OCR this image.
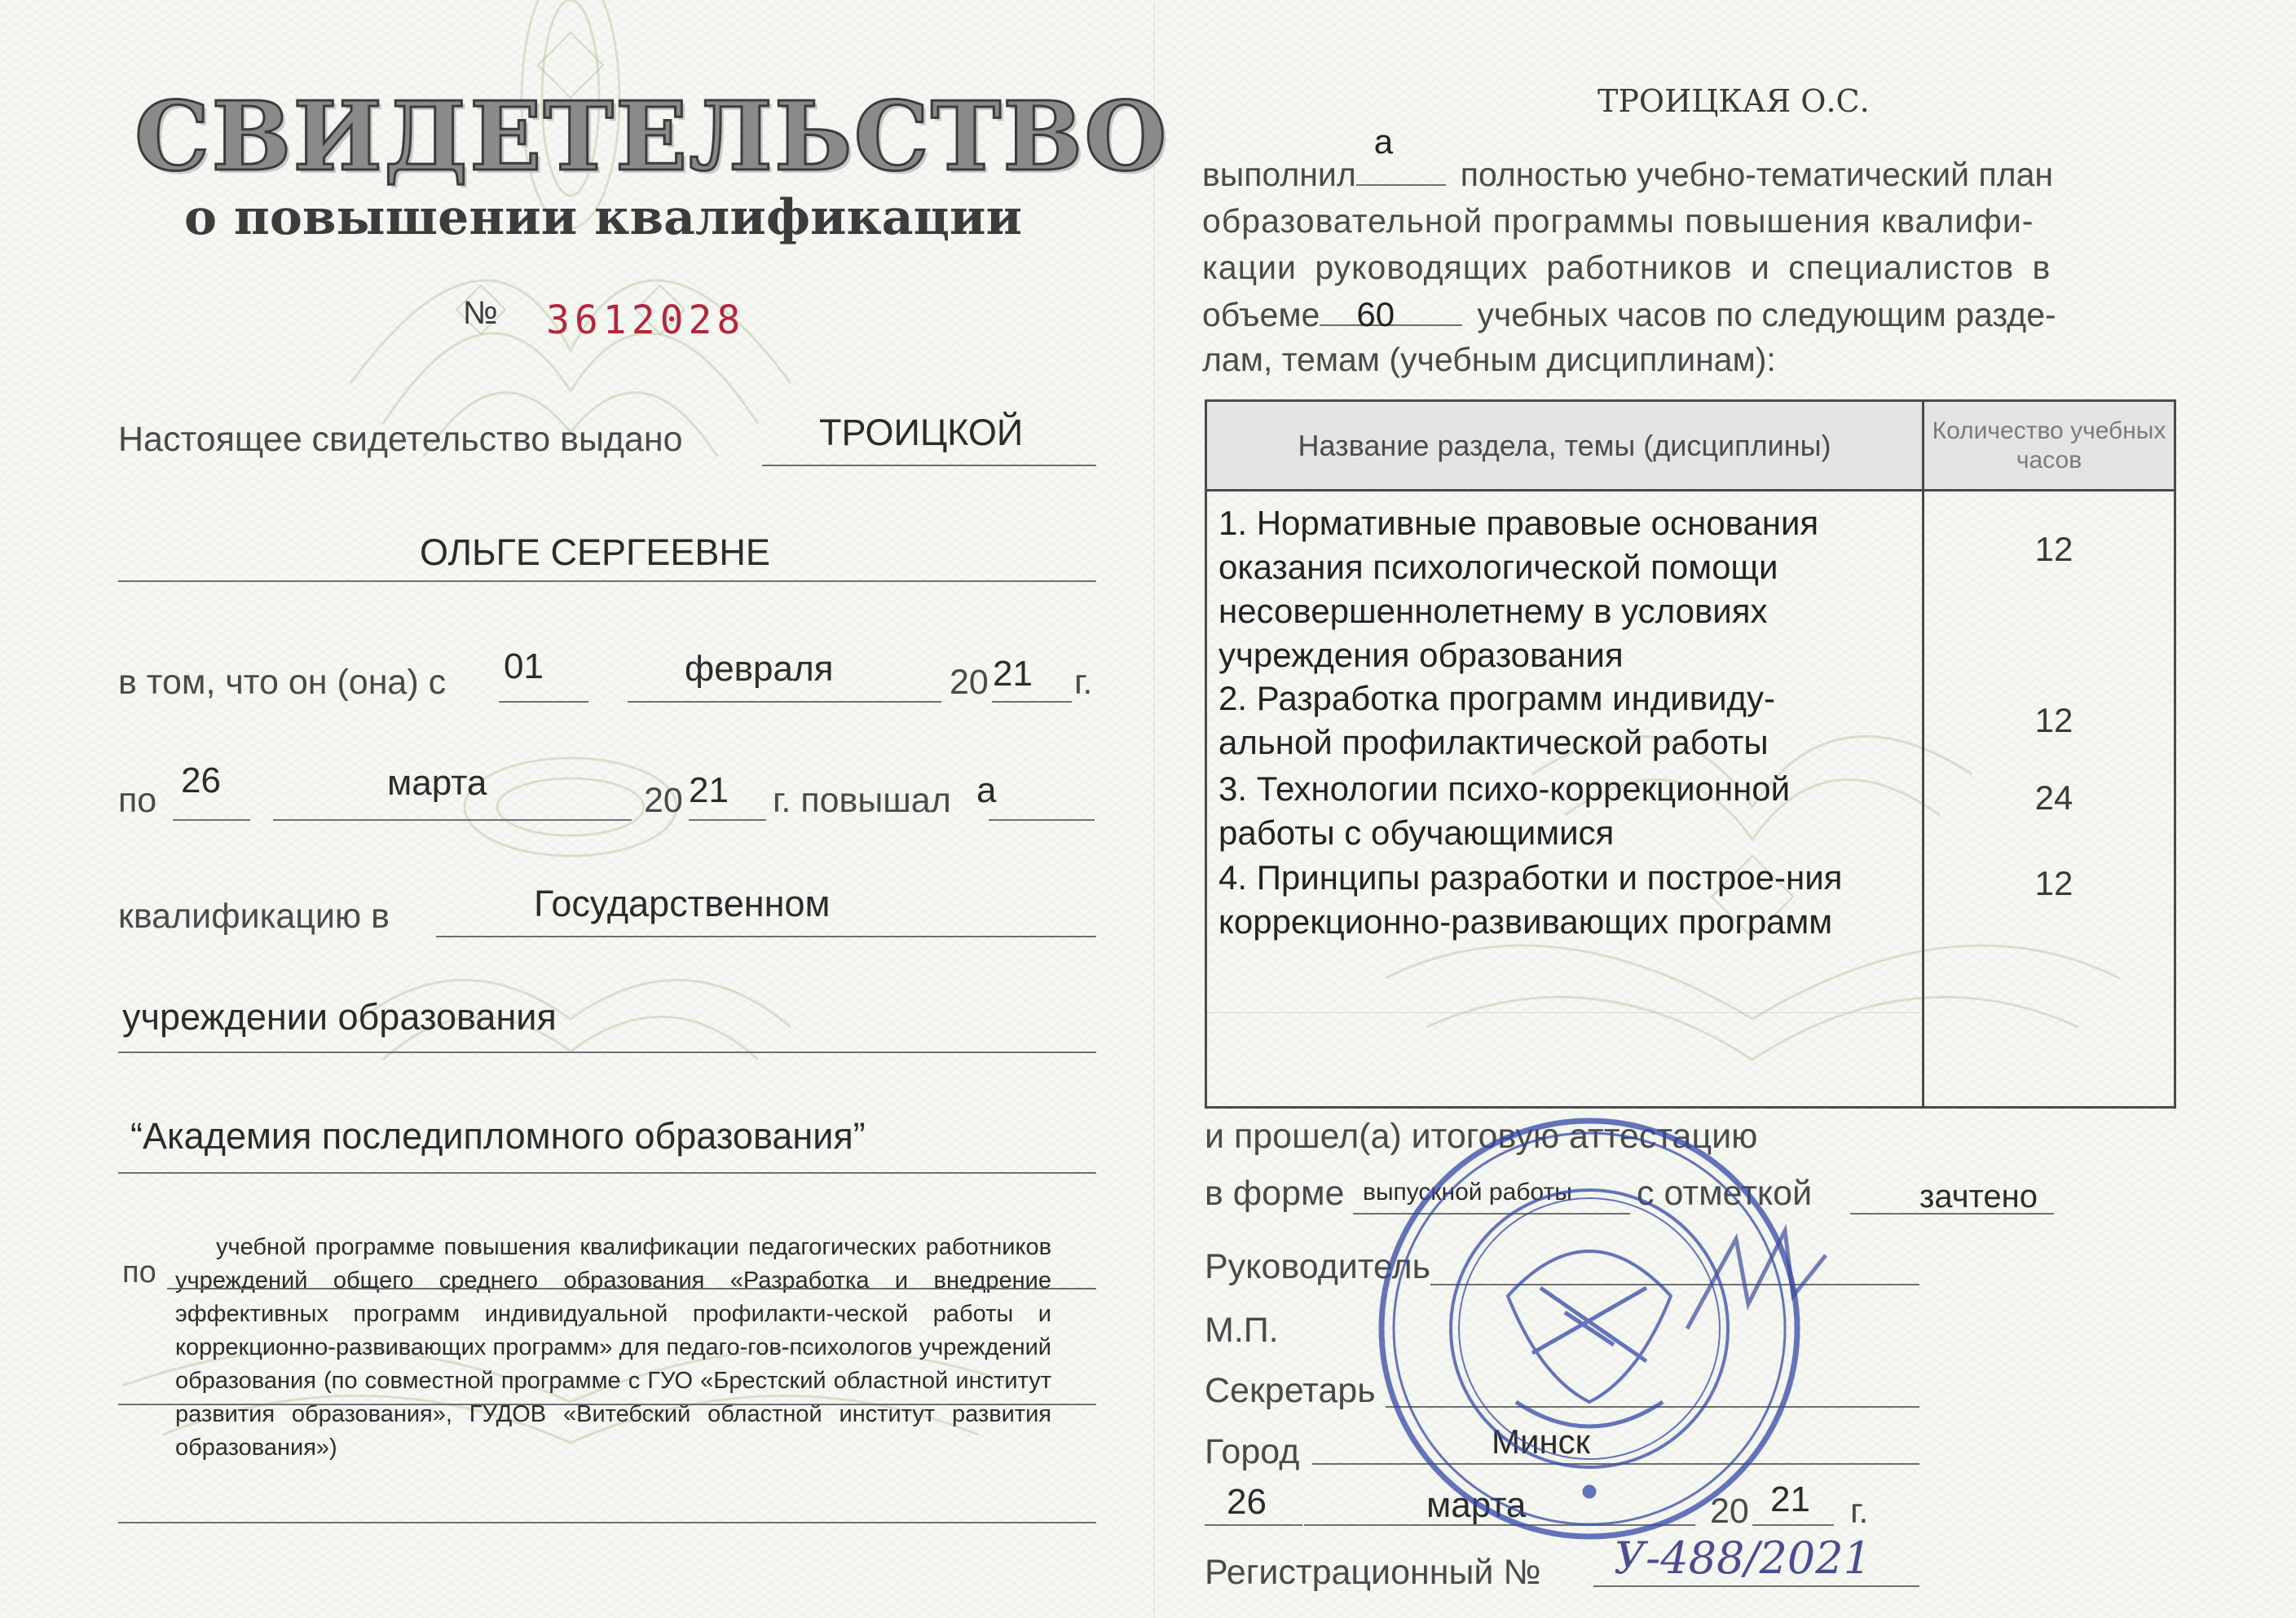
СВИДЕТЕЛЬСТВО
о повышении квалификации
№ 3612028
Настоящее свидетельство выдано	ТРОИЦКОЙ
ОЛЬГЕ СЕРГЕЕВНЕ
в том, что он (она) с 01	февраля	20 21 г.
по 26	марта	20 21 г. повышал а
квалификацию в	Государственном
учреждении образования
“Академия последипломного образования”
по
учебной программе повышения квалификации педагогических работников учреждений общего среднего образования «Разработка и внедрение эффективных программ индивидуальной профилакти-ческой работы и коррекционно-развивающих программ» для педаго-гов-психологов учреждений образования (по совместной программе с ГУО «Брестский областной институт развития образования», ГУДОВ «Витебский областной институт развития образования»)
ТРОИЦКАЯ О.С.
выполнил
а
полностью учебно-тематический план
образовательной программы повышения квалифи-
кации руководящих работников и специалистов в
объеме 60 учебных часов по следующим разде-
лам, темам (учебным дисциплинам):
Название раздела, темы (дисциплины)	Количество учебных часов

1. Нормативные правовые основания оказания психологической помощи несовершеннолетнему в условиях учреждения образования
12
2. Разработка программ индивиду-альной профилактической работы
12
3. Технологии психо-коррекционной работы с обучающимися
24
4. Принципы разработки и построе-ния коррекционно-развивающих программ
12
и прошел(а) итоговую аттестацию
в форме выпускной работы с отметкой	зачтено
Руководитель
М.П.
Секретарь
Город	Минск
26	марта	20 21 г.
Регистрационный № У-488/2021
